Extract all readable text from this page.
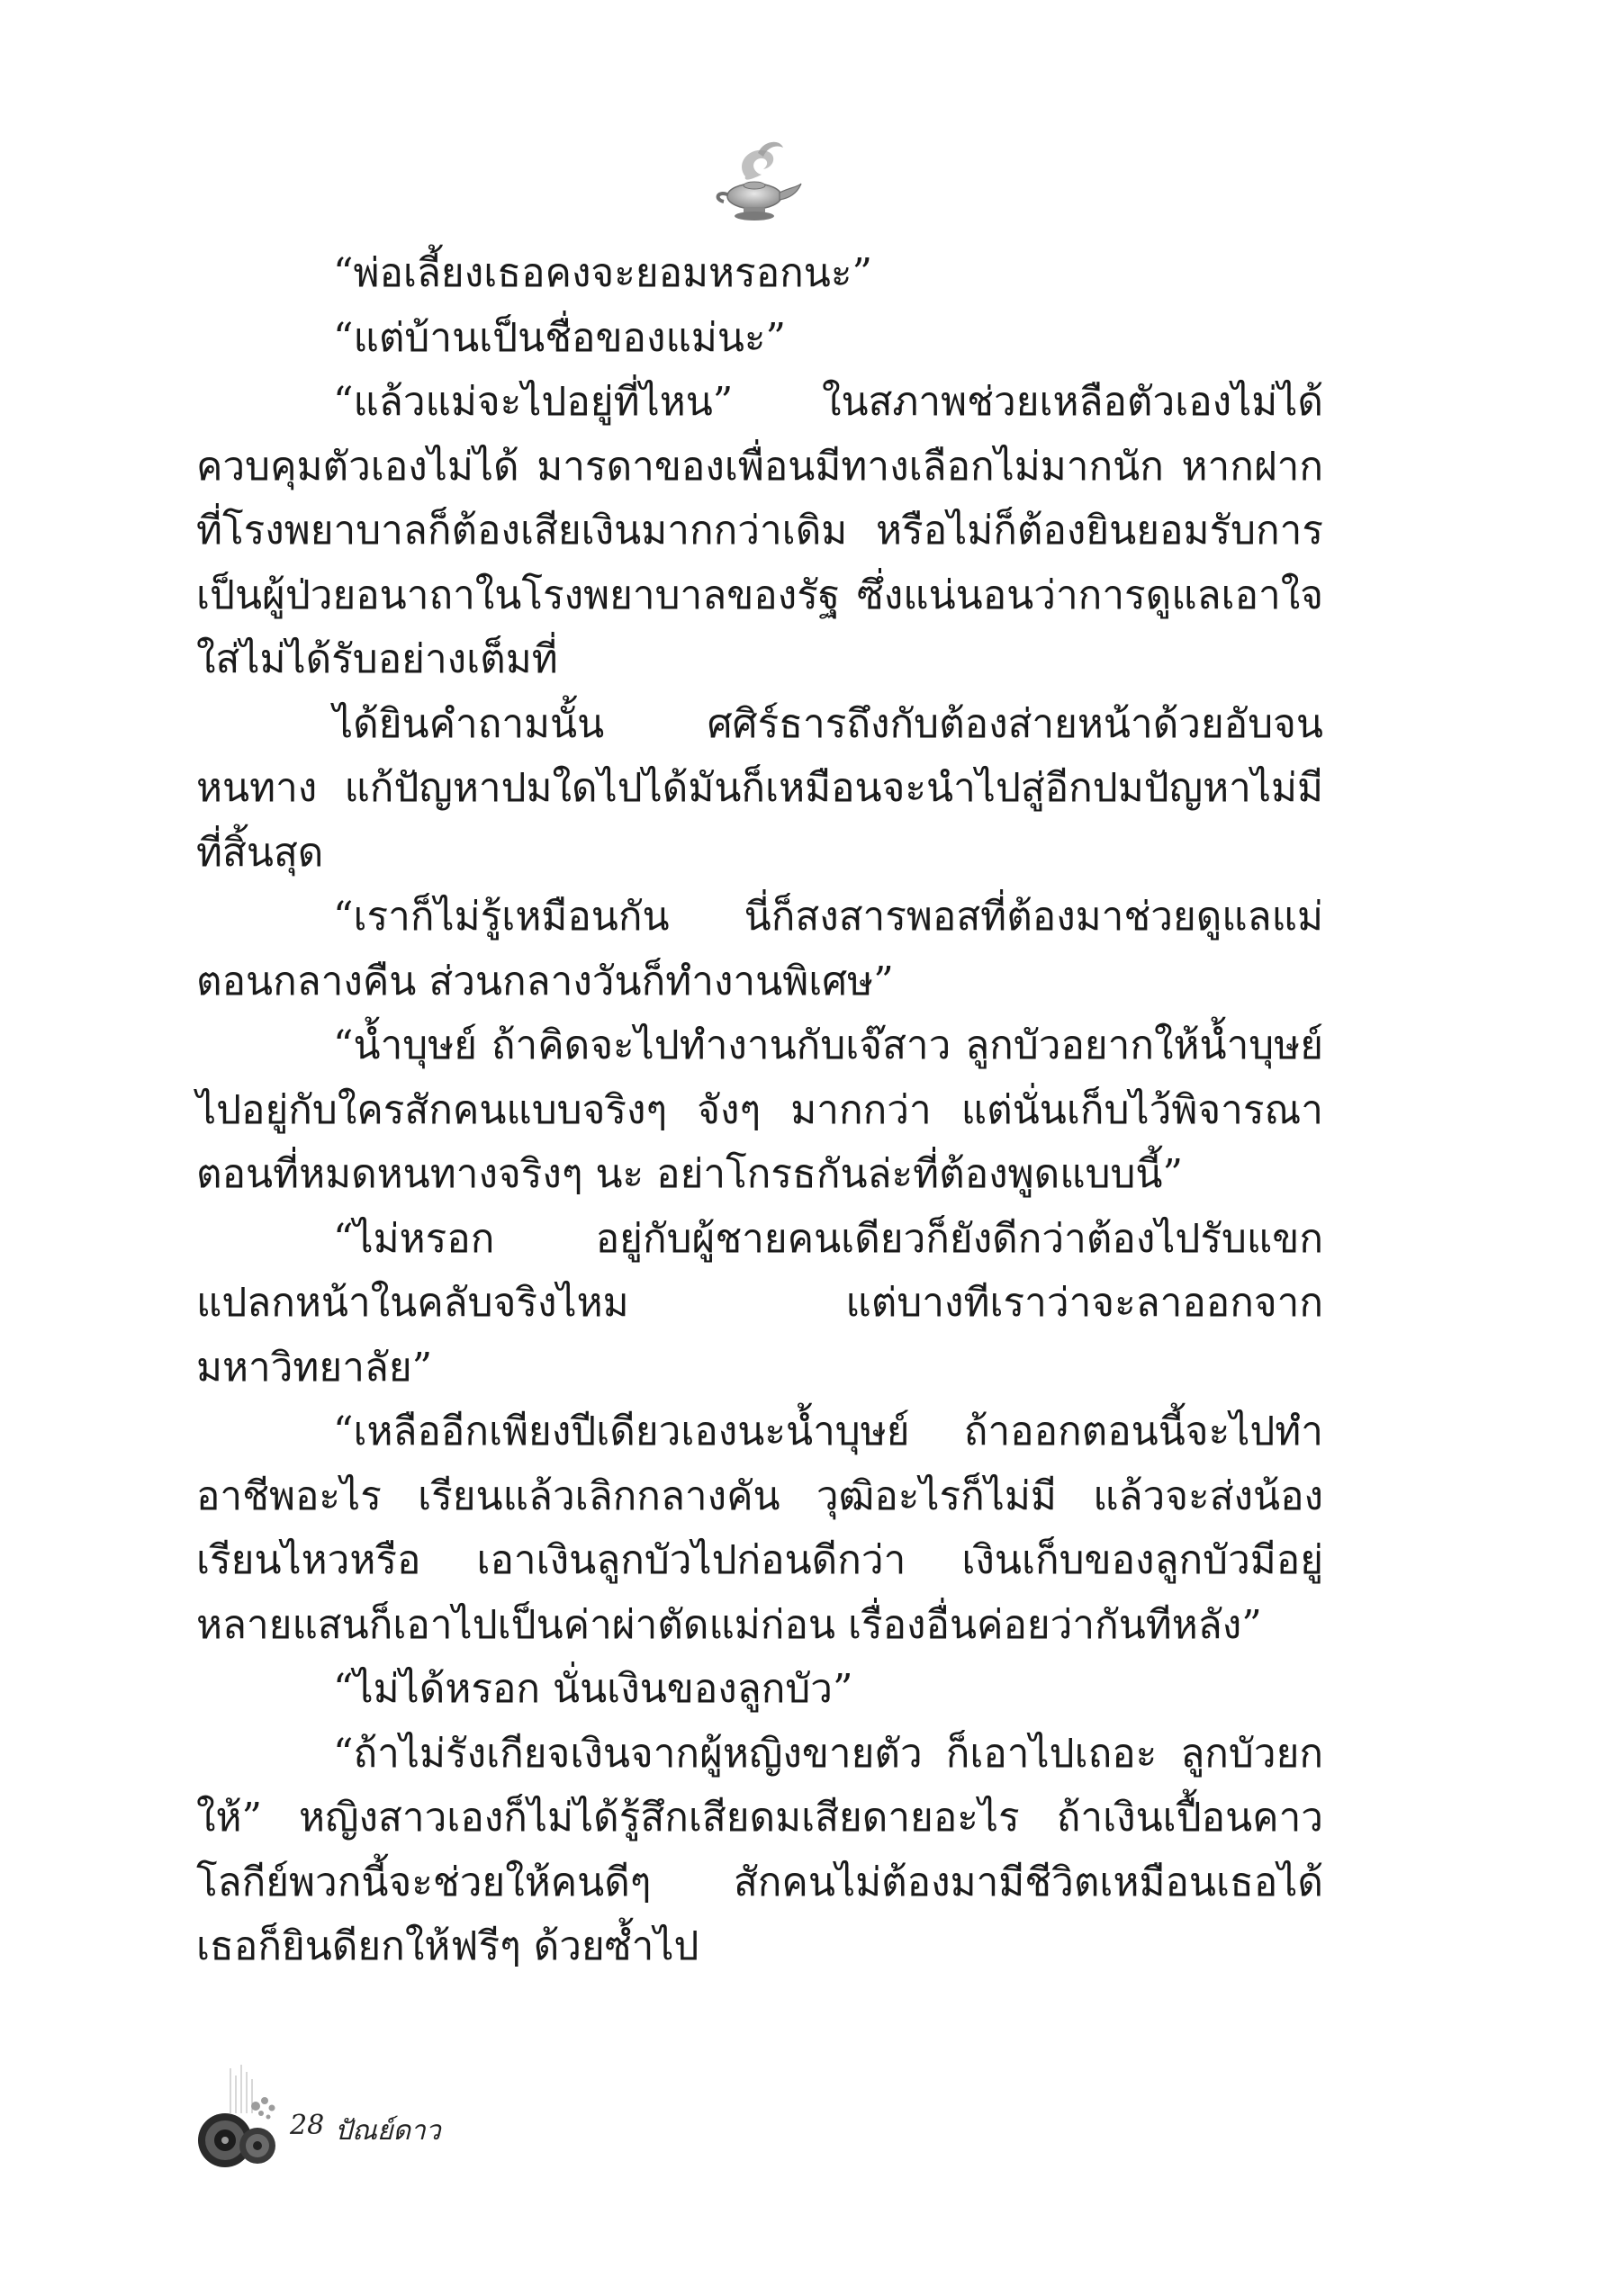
“พ่อเลี้ยงเธอคงจะยอมหรอกนะ”

“แต่บ้านเป็นชื่อของแม่นะ”

“แล้วแม่จะไปอยู่ที่ไหน” ในสภาพช่วยเหลือตัวเองไม่ได้ ควบคุมตัวเองไม่ได้ มารดาของเพื่อนมีทางเลือกไม่มากนัก หากฝากที่โรงพยาบาลก็ต้องเสียเงินมากกว่าเดิม หรือไม่ก็ต้องยินยอมรับการเป็นผู้ป่วยอนาถาในโรงพยาบาลของรัฐ ซึ่งแน่นอนว่าการดูแลเอาใจใส่ไม่ได้รับอย่างเต็มที่

ได้ยินคำถามนั้น ศศิร์ธารถึงกับต้องส่ายหน้าด้วยอับจนหนทาง แก้ปัญหาปมใดไปได้มันก็เหมือนจะนำไปสู่อีกปมปัญหาไม่มีที่สิ้นสุด

“เราก็ไม่รู้เหมือนกัน นี่ก็สงสารพอสที่ต้องมาช่วยดูแลแม่ตอนกลางคืน ส่วนกลางวันก็ทำงานพิเศษ”

“น้ำบุษย์ ถ้าคิดจะไปทำงานกับเจ๊สาว ลูกบัวอยากให้น้ำบุษย์ไปอยู่กับใครสักคนแบบจริงๆ จังๆ มากกว่า แต่นั่นเก็บไว้พิจารณาตอนที่หมดหนทางจริงๆ นะ อย่าโกรธกันล่ะที่ต้องพูดแบบนี้”

“ไม่หรอก อยู่กับผู้ชายคนเดียวก็ยังดีกว่าต้องไปรับแขกแปลกหน้าในคลับจริงไหม แต่บางทีเราว่าจะลาออกจากมหาวิทยาลัย”

“เหลืออีกเพียงปีเดียวเองนะน้ำบุษย์ ถ้าออกตอนนี้จะไปทำอาชีพอะไร เรียนแล้วเลิกกลางคัน วุฒิอะไรก็ไม่มี แล้วจะส่งน้องเรียนไหวหรือ เอาเงินลูกบัวไปก่อนดีกว่า เงินเก็บของลูกบัวมีอยู่หลายแสนก็เอาไปเป็นค่าผ่าตัดแม่ก่อน เรื่องอื่นค่อยว่ากันทีหลัง”

“ไม่ได้หรอก นั่นเงินของลูกบัว”

“ถ้าไม่รังเกียจเงินจากผู้หญิงขายตัว ก็เอาไปเถอะ ลูกบัวยกให้” หญิงสาวเองก็ไม่ได้รู้สึกเสียดมเสียดายอะไร ถ้าเงินเปื้อนคาวโลกีย์พวกนี้จะช่วยให้คนดีๆ สักคนไม่ต้องมามีชีวิตเหมือนเธอได้ เธอก็ยินดียกให้ฟรีๆ ด้วยซ้ำไป

28 ปัณย์ดาว
